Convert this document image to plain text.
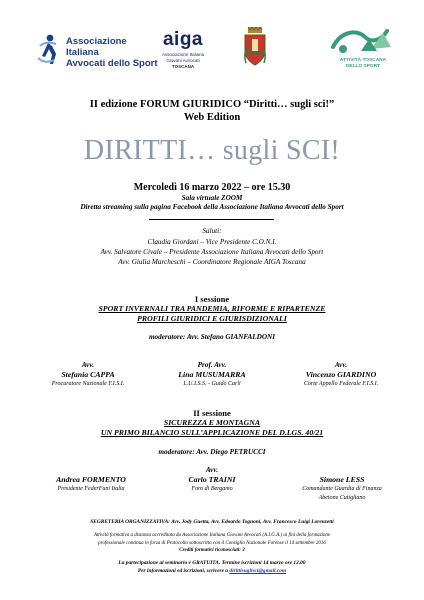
Associazione
Italiana
Avvocati dello Sport
aiga
Associazione Italiana
Giovani Avvocati
TOSCANA
ATTIVITÀ TOSCANA
DELLO SPORT
II edizione FORUM GIURIDICO “Diritti… sugli sci!”
Web Edition
DIRITTI… sugli SCI!
Mercoledì 16 marzo 2022 – ore 15.30
Sala virtuale ZOOM
Diretta streaming sulla pagina Facebook della Associazione Italiana Avvocati dello Sport
Saluti:
Claudia Giordani – Vice Presidente C.O.N.I.
Avv. Salvatore Civale – Presidente Associazione Italiana Avvocati dello Sport
Avv. Giulia Marcheschi – Coordinatore Regionale AIGA Toscana
I sessione
SPORT INVERNALI TRA PANDEMIA, RIFORME E RIPARTENZE
PROFILI GIURIDICI E GIURISDIZIONALI
moderatore: Avv. Stefano GIANFALDONI
Avv.
Stefania CAPPA
Procuratore Nazionale F.I.S.I.
Prof. Avv.
Lina MUSUMARRA
L.U.I.S.S. - Guido Carli
Avv.
Vincenzo GIARDINO
Corte Appello Federale F.I.S.I.
II sessione
SICUREZZA E MONTAGNA
UN PRIMO BILANCIO SULL’APPLICAZIONE DEL D.LGS. 40/21
moderatore: Avv. Diego PETRUCCI
Andrea FORMENTO
Presidente FederFuni Italia
Avv.
Carlo TRAINI
Foro di Bergamo
Simone LESS
Comandante Guardia di Finanza
Abetone Cutigliano
SEGRETERIA ORGANIZZATIVA: Avv. Jody Guetta, Avv. Edoardo Tognoni, Avv. Francesco Luigi Lorenzetti
Attività formativa a distanza accreditata da Associazione Italiana Giovani Avvocati (A.I.G.A.) ai fini della formazione
professionale continua in forza di Protocollo sottoscritto con il Consiglio Nazionale Forense il 14 settembre 2016
Crediti formativi riconosciuti: 3
La partecipazione al seminario è GRATUITA. Termine iscrizioni 14 marzo ore 12.00
Per informazioni ed iscrizioni, scrivere a dirittisuglisci@gmail.com
